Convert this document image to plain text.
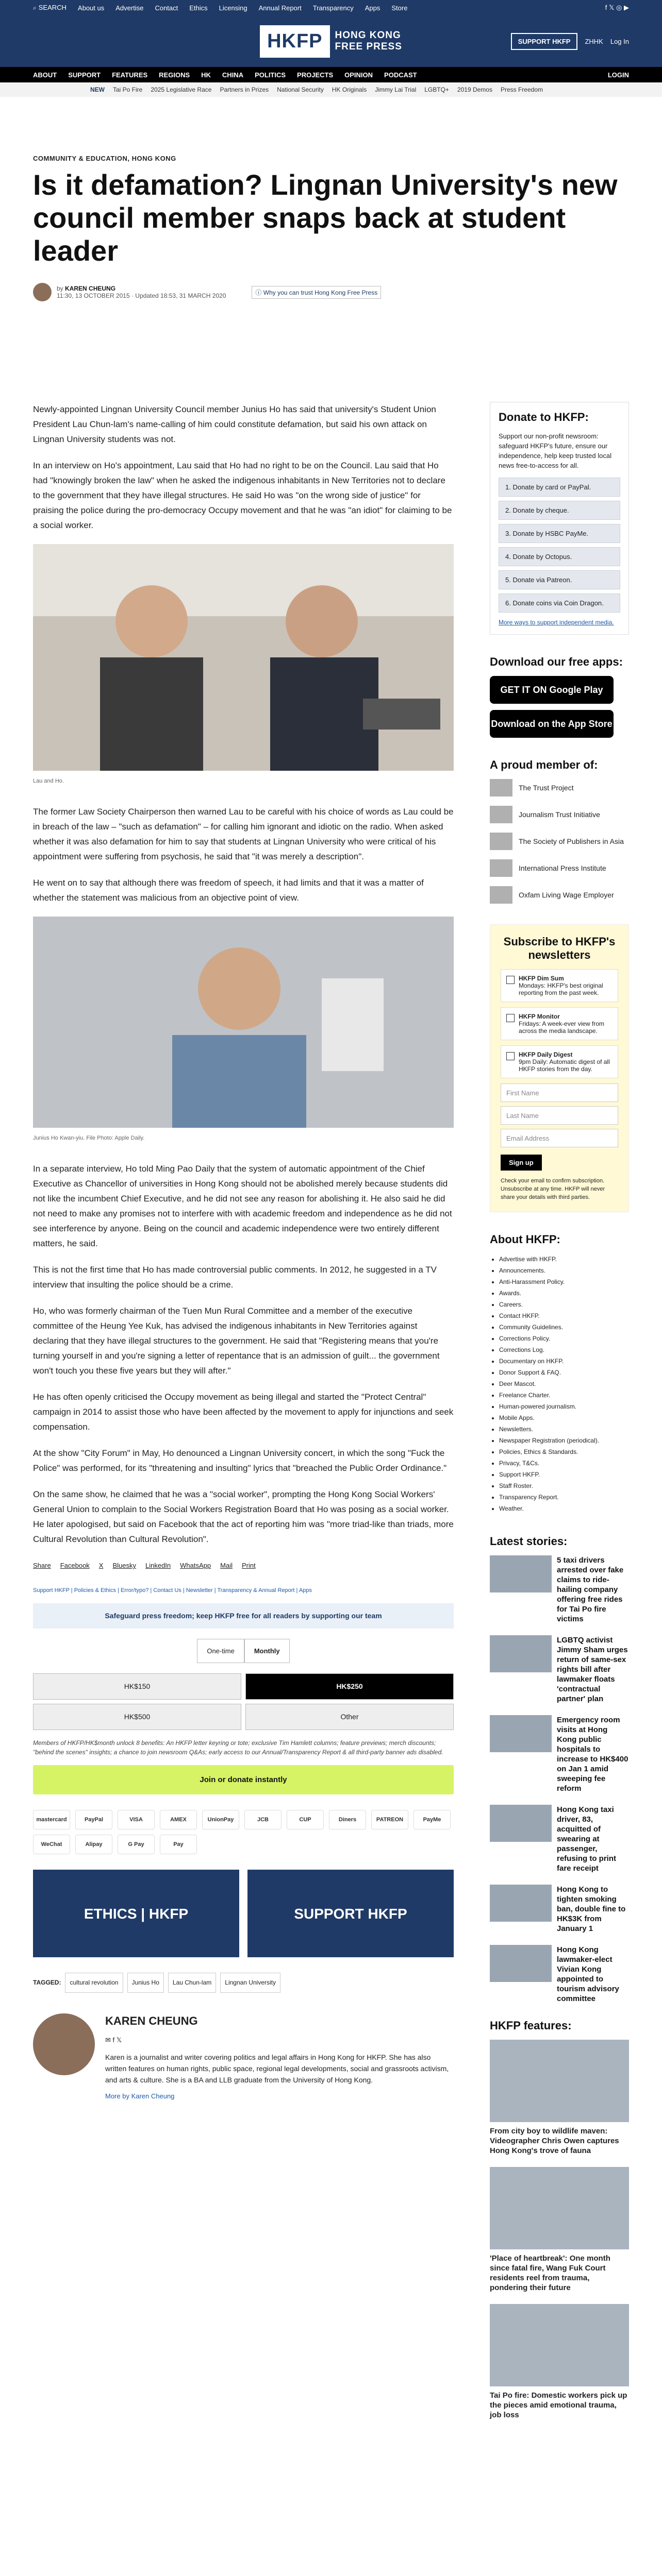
⌕ SEARCH About us Advertise Contact Ethics Licensing Annual Report Transparency Apps Store	f 𝕏 ◎ ▶
HKFP	HONG KONG
FREE PRESS	SUPPORT HKFP	ZHHK Log In
ABOUT SUPPORT FEATURES REGIONS HK CHINA POLITICS PROJECTS OPINION PODCAST	LOGIN
NEW Tai Po Fire 2025 Legislative Race Partners in Prizes National Security HK Originals Jimmy Lai Trial LGBTQ+ 2019 Demos Press Freedom
COMMUNITY & EDUCATION, HONG KONG
Is it defamation? Lingnan University's new council member snaps back at student leader
by KAREN CHEUNG
11:30, 13 OCTOBER 2015 · Updated 18:53, 31 MARCH 2020	ⓘ Why you can trust Hong Kong Free Press

Newly-appointed Lingnan University Council member Junius Ho has said that university's Student Union President Lau Chun-lam's name-calling of him could constitute defamation, but said his own attack on Lingnan University students was not.

In an interview on Ho's appointment, Lau said that Ho had no right to be on the Council. Lau said that Ho had "knowingly broken the law" when he asked the indigenous inhabitants in New Territories not to declare to the government that they have illegal structures. He said Ho was "on the wrong side of justice" for praising the police during the pro-democracy Occupy movement and that he was "an idiot" for claiming to be a social worker.

Lau and Ho.

The former Law Society Chairperson then warned Lau to be careful with his choice of words as Lau could be in breach of the law – "such as defamation" – for calling him ignorant and idiotic on the radio. When asked whether it was also defamation for him to say that students at Lingnan University who were critical of his appointment were suffering from psychosis, he said that "it was merely a description".

He went on to say that although there was freedom of speech, it had limits and that it was a matter of whether the statement was malicious from an objective point of view.

Junius Ho Kwan-yiu. File Photo: Apple Daily.

In a separate interview, Ho told Ming Pao Daily that the system of automatic appointment of the Chief Executive as Chancellor of universities in Hong Kong should not be abolished merely because students did not like the incumbent Chief Executive, and he did not see any reason for abolishing it. He also said he did not need to make any promises not to interfere with with academic freedom and independence as he did not see interference by anyone. Being on the council and academic independence were two entirely different matters, he said.

This is not the first time that Ho has made controversial public comments. In 2012, he suggested in a TV interview that insulting the police should be a crime.

Ho, who was formerly chairman of the Tuen Mun Rural Committee and a member of the executive committee of the Heung Yee Kuk, has advised the indigenous inhabitants in New Territories against declaring that they have illegal structures to the government. He said that "Registering means that you're turning yourself in and you're signing a letter of repentance that is an admission of guilt... the government won't touch you these five years but they will after."

He has often openly criticised the Occupy movement as being illegal and started the "Protect Central" campaign in 2014 to assist those who have been affected by the movement to apply for injunctions and seek compensation.

At the show "City Forum" in May, Ho denounced a Lingnan University concert, in which the song "Fuck the Police" was performed, for its "threatening and insulting" lyrics that "breached the Public Order Ordinance."

On the same show, he claimed that he was a "social worker", prompting the Hong Kong Social Workers' General Union to complain to the Social Workers Registration Board that Ho was posing as a social worker. He later apologised, but said on Facebook that the act of reporting him was "more triad-like than triads, more Cultural Revolution than Cultural Revolution".

Share Facebook X Bluesky LinkedIn WhatsApp Mail Print
Support HKFP | Policies & Ethics | Error/typo? | Contact Us | Newsletter | Transparency & Annual Report | Apps
Safeguard press freedom; keep HKFP free for all readers by supporting our team
One-time	Monthly
HK$150	HK$250
HK$500	Other
Members of HKFP/HK$month unlock 8 benefits: An HKFP letter keyring or tote; exclusive Tim Hamlett columns; feature previews; merch discounts; "behind the scenes" insights; a chance to join newsroom Q&As; early access to our Annual/Transparency Report & all third-party banner ads disabled.
Join or donate instantly
mastercard	PayPal	VISA	AMEX	UnionPay	JCB	CUP	Diners	PATREON	PayMe
WeChat	Alipay	G Pay	Pay
ETHICS | HKFP	SUPPORT HKFP
TAGGED:	cultural revolution	Junius Ho	Lau Chun-lam	Lingnan University
KAREN CHEUNG
✉ f 𝕏
Karen is a journalist and writer covering politics and legal affairs in Hong Kong for HKFP. She has also written features on human rights, public space, regional legal developments, social and grassroots activism, and arts & culture. She is a BA and LLB graduate from the University of Hong Kong.
More by Karen Cheung
Donate to HKFP:
Support our non-profit newsroom: safeguard HKFP's future, ensure our independence, help keep trusted local news free-to-access for all.
1. Donate by card or PayPal.
2. Donate by cheque.
3. Donate by HSBC PayMe.
4. Donate by Octopus.
5. Donate via Patreon.
6. Donate coins via Coin Dragon.
More ways to support independent media.
Download our free apps:
GET IT ON Google Play
Download on the App Store
A proud member of:
The Trust Project
Journalism Trust Initiative
The Society of Publishers in Asia
International Press Institute
Oxfam Living Wage Employer
Subscribe to HKFP's newsletters
HKFP Dim Sum
Mondays: HKFP's best original reporting from the past week.
HKFP Monitor
Fridays: A week-ever view from across the media landscape.
HKFP Daily Digest
9pm Daily: Automatic digest of all HKFP stories from the day.
First Name
Last Name
Email Address
Sign up
Check your email to confirm subscription. Unsubscribe at any time. HKFP will never share your details with third parties.
About HKFP:
• Advertise with HKFP.
• Announcements.
• Anti-Harassment Policy.
• Awards.
• Careers.
• Contact HKFP.
• Community Guidelines.
• Corrections Policy.
• Corrections Log.
• Documentary on HKFP.
• Donor Support & FAQ.
• Deer Mascot.
• Freelance Charter.
• Human-powered journalism.
• Mobile Apps.
• Newsletters.
• Newspaper Registration (periodical).
• Policies, Ethics & Standards.
• Privacy, T&Cs.
• Support HKFP.
• Staff Roster.
• Transparency Report.
• Weather.
Latest stories:
5 taxi drivers arrested over fake claims to ride-hailing company offering free rides for Tai Po fire victims
LGBTQ activist Jimmy Sham urges return of same-sex rights bill after lawmaker floats 'contractual partner' plan
Emergency room visits at Hong Kong public hospitals to increase to HK$400 on Jan 1 amid sweeping fee reform
Hong Kong taxi driver, 83, acquitted of swearing at passenger, refusing to print fare receipt
Hong Kong to tighten smoking ban, double fine to HK$3K from January 1
Hong Kong lawmaker-elect Vivian Kong appointed to tourism advisory committee
HKFP features:
From city boy to wildlife maven: Videographer Chris Owen captures Hong Kong's trove of fauna
'Place of heartbreak': One month since fatal fire, Wang Fuk Court residents reel from trauma, pondering their future
Tai Po fire: Domestic workers pick up the pieces amid emotional trauma, job loss
